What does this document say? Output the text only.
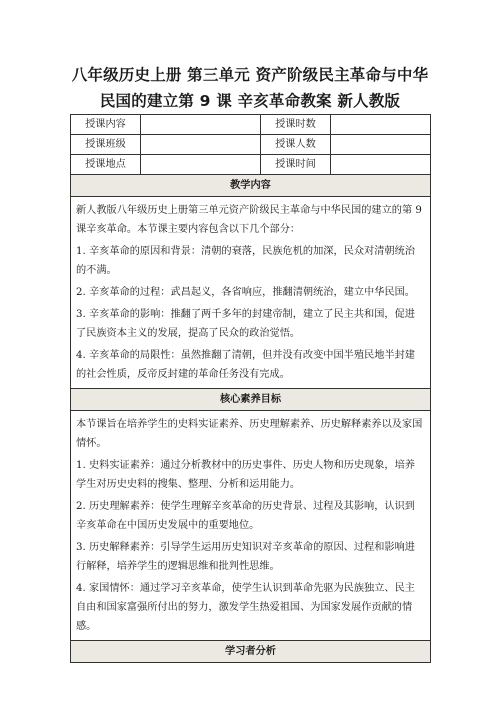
八年级历史上册 第三单元 资产阶级民主革命与中华
民国的建立第 9 课 辛亥革命教案 新人教版
授课内容		授课时数	
授课班级		授课人数	
授课地点		授课时间	
教学内容			

新人教版八年级历史上册第三单元资产阶级民主革命与中华民国的建立的第 9 课辛亥革命。本节课主要内容包含以下几个部分：

1. 辛亥革命的原因和背景：清朝的衰落，民族危机的加深，民众对清朝统治的不满。

2. 辛亥革命的过程：武昌起义，各省响应，推翻清朝统治，建立中华民国。

3. 辛亥革命的影响：推翻了两千多年的封建帝制，建立了民主共和国，促进了民族资本主义的发展，提高了民众的政治觉悟。

4. 辛亥革命的局限性：虽然推翻了清朝，但并没有改变中国半殖民地半封建的社会性质，反帝反封建的革命任务没有完成。			

核心素养目标			

本节课旨在培养学生的史料实证素养、历史理解素养、历史解释素养以及家国情怀。

1. 史料实证素养：通过分析教材中的历史事件、历史人物和历史现象，培养学生对历史史料的搜集、整理、分析和运用能力。

2. 历史理解素养：使学生理解辛亥革命的历史背景、过程及其影响，认识到辛亥革命在中国历史发展中的重要地位。

3. 历史解释素养：引导学生运用历史知识对辛亥革命的原因、过程和影响进行解释，培养学生的逻辑思维和批判性思维。

4. 家国情怀：通过学习辛亥革命，使学生认识到革命先驱为民族独立、民主自由和国家富强所付出的努力，激发学生热爱祖国、为国家发展作贡献的情感。			

学习者分析			
